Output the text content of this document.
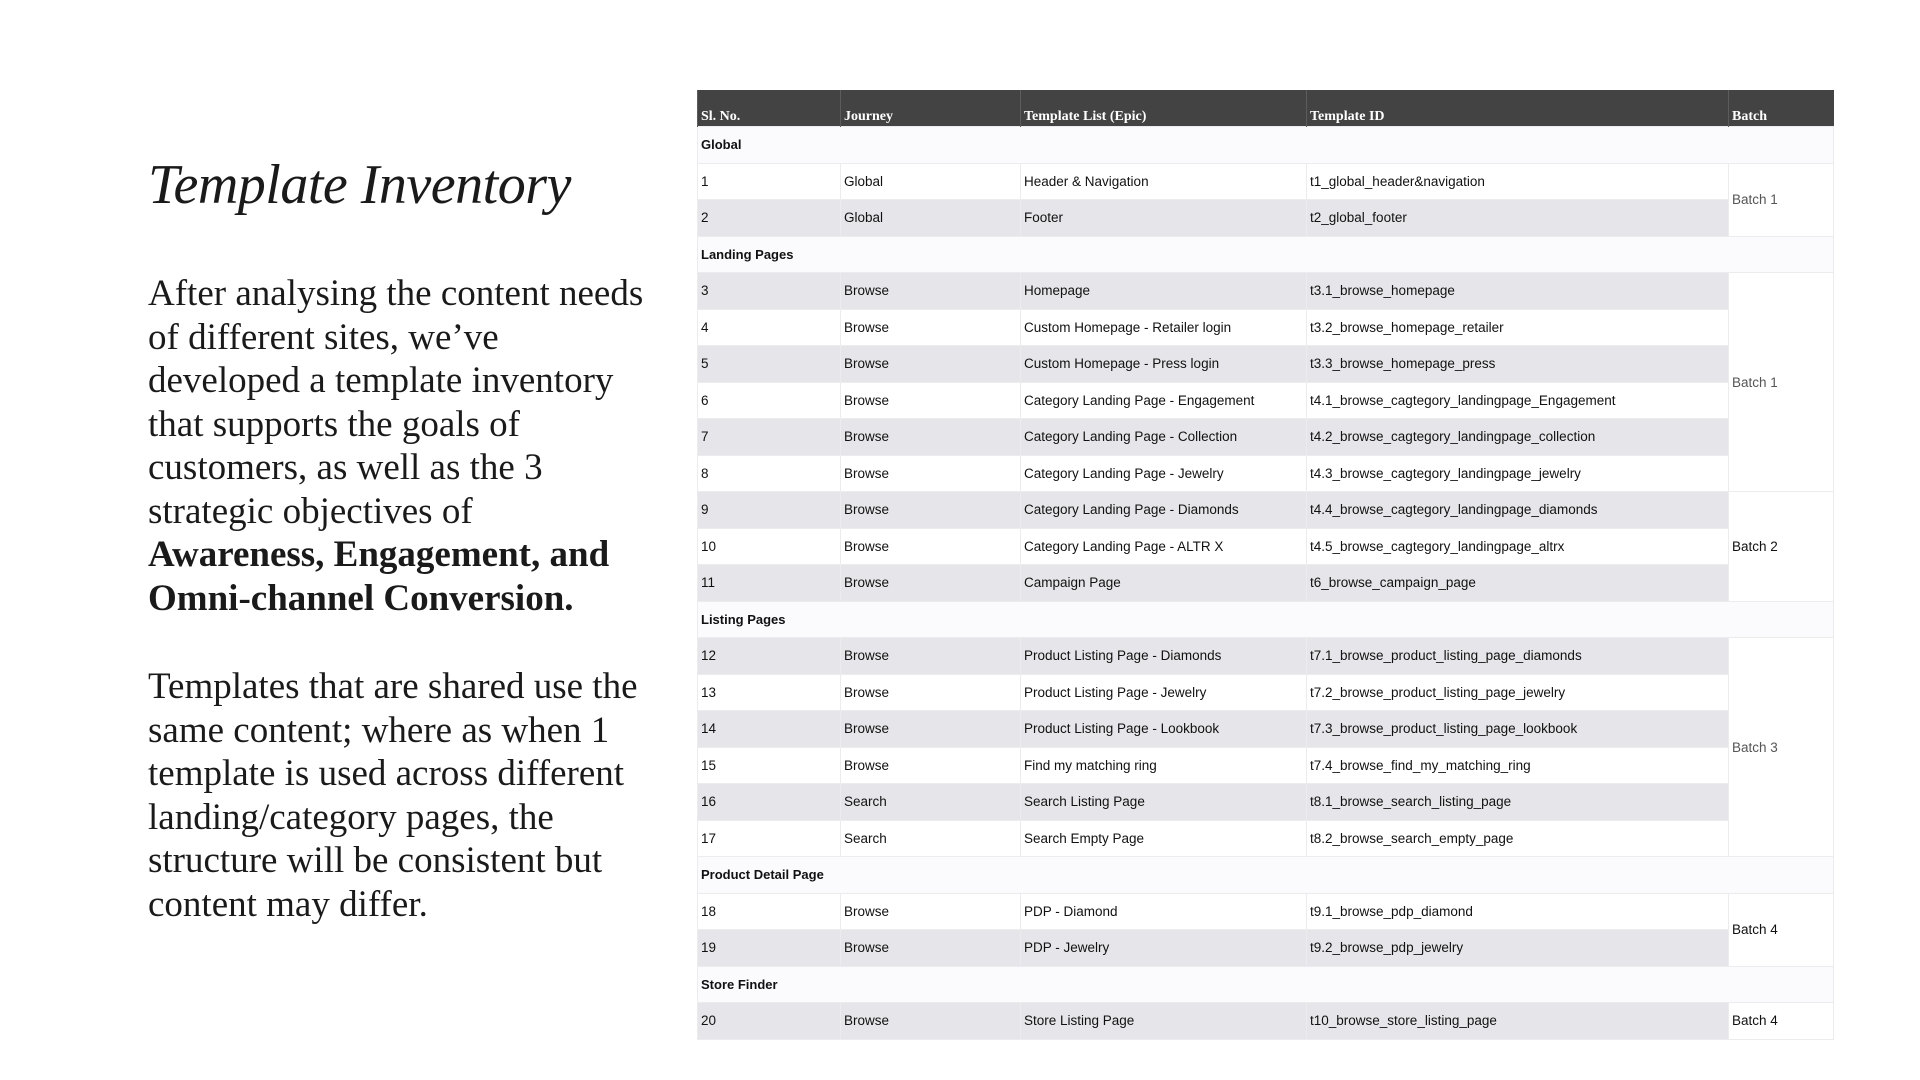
Template Inventory

After analysing the content needs of different sites, we’ve developed a template inventory that supports the goals of customers, as well as the 3 strategic objectives of Awareness, Engagement, and Omni-channel Conversion.

Templates that are shared use the same content; where as when 1 template is used across different landing/category pages, the structure will be consistent but content may differ.

Sl. No.	Journey	Template List (Epic)	Template ID	Batch
Global				
1	Global	Header & Navigation	t1_global_header&navigation	Batch 1
2	Global	Footer	t2_global_footer	
Landing Pages				
3	Browse	Homepage	t3.1_browse_homepage	Batch 1
4	Browse	Custom Homepage - Retailer login	t3.2_browse_homepage_retailer	
5	Browse	Custom Homepage - Press login	t3.3_browse_homepage_press	
6	Browse	Category Landing Page - Engagement	t4.1_browse_cagtegory_landingpage_Engagement	
7	Browse	Category Landing Page - Collection	t4.2_browse_cagtegory_landingpage_collection	
8	Browse	Category Landing Page - Jewelry	t4.3_browse_cagtegory_landingpage_jewelry	
9	Browse	Category Landing Page - Diamonds	t4.4_browse_cagtegory_landingpage_diamonds	Batch 2
10	Browse	Category Landing Page - ALTR X	t4.5_browse_cagtegory_landingpage_altrx	
11	Browse	Campaign Page	t6_browse_campaign_page	
Listing Pages				
12	Browse	Product Listing Page - Diamonds	t7.1_browse_product_listing_page_diamonds	Batch 3
13	Browse	Product Listing Page - Jewelry	t7.2_browse_product_listing_page_jewelry	
14	Browse	Product Listing Page - Lookbook	t7.3_browse_product_listing_page_lookbook	
15	Browse	Find my matching ring	t7.4_browse_find_my_matching_ring	
16	Search	Search Listing Page	t8.1_browse_search_listing_page	
17	Search	Search Empty Page	t8.2_browse_search_empty_page	
Product Detail Page				
18	Browse	PDP - Diamond	t9.1_browse_pdp_diamond	Batch 4
19	Browse	PDP - Jewelry	t9.2_browse_pdp_jewelry	
Store Finder				
20	Browse	Store Listing Page	t10_browse_store_listing_page	Batch 4
